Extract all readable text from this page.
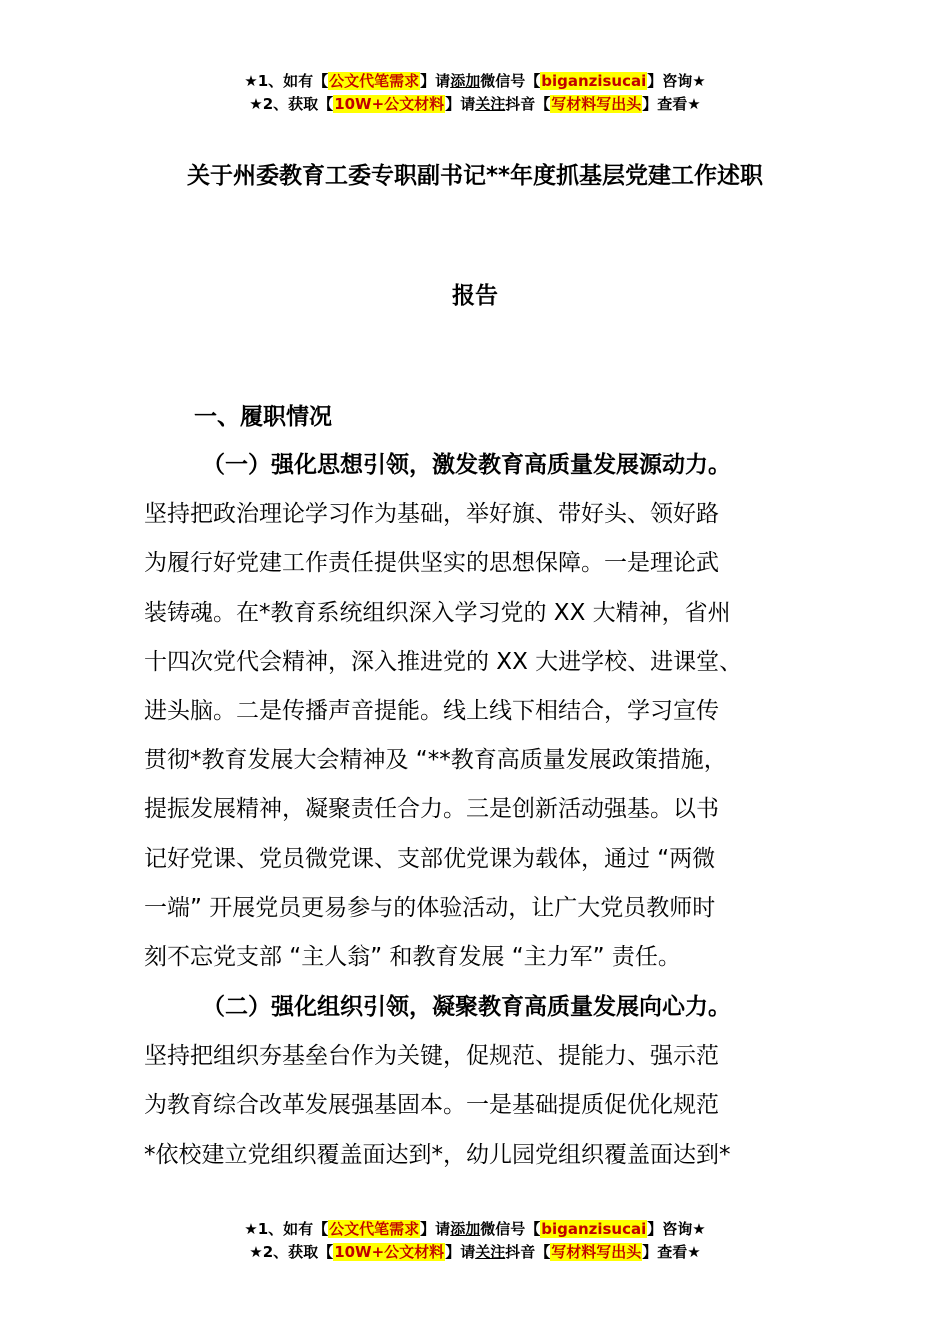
★1、如有【公文代笔需求】请添加微信号【biganzisucai】咨询★
★2、获取【10W+公文材料】请关注抖音【写材料写出头】查看★
关于州委教育工委专职副书记**年度抓基层党建工作述职
报告
一、履职情况
（一）强化思想引领，激发教育高质量发展源动力。
坚持把政治理论学习作为基础，举好旗、带好头、领好路
为履行好党建工作责任提供坚实的思想保障。一是理论武
装铸魂。在*教育系统组织深入学习党的 XX 大精神，省州
十四次党代会精神，深入推进党的 XX 大进学校、进课堂、
进头脑。二是传播声音提能。线上线下相结合，学习宣传
贯彻*教育发展大会精神及 “**教育高质量发展政策措施，
提振发展精神，凝聚责任合力。三是创新活动强基。以书
记好党课、党员微党课、支部优党课为载体，通过 “两微
一端” 开展党员更易参与的体验活动，让广大党员教师时
刻不忘党支部 “主人翁” 和教育发展 “主力军” 责任。
（二）强化组织引领，凝聚教育高质量发展向心力。
坚持把组织夯基垒台作为关键，促规范、提能力、强示范
为教育综合改革发展强基固本。一是基础提质促优化规范
*依校建立党组织覆盖面达到*，幼儿园党组织覆盖面达到*
★1、如有【公文代笔需求】请添加微信号【biganzisucai】咨询★
★2、获取【10W+公文材料】请关注抖音【写材料写出头】查看★
